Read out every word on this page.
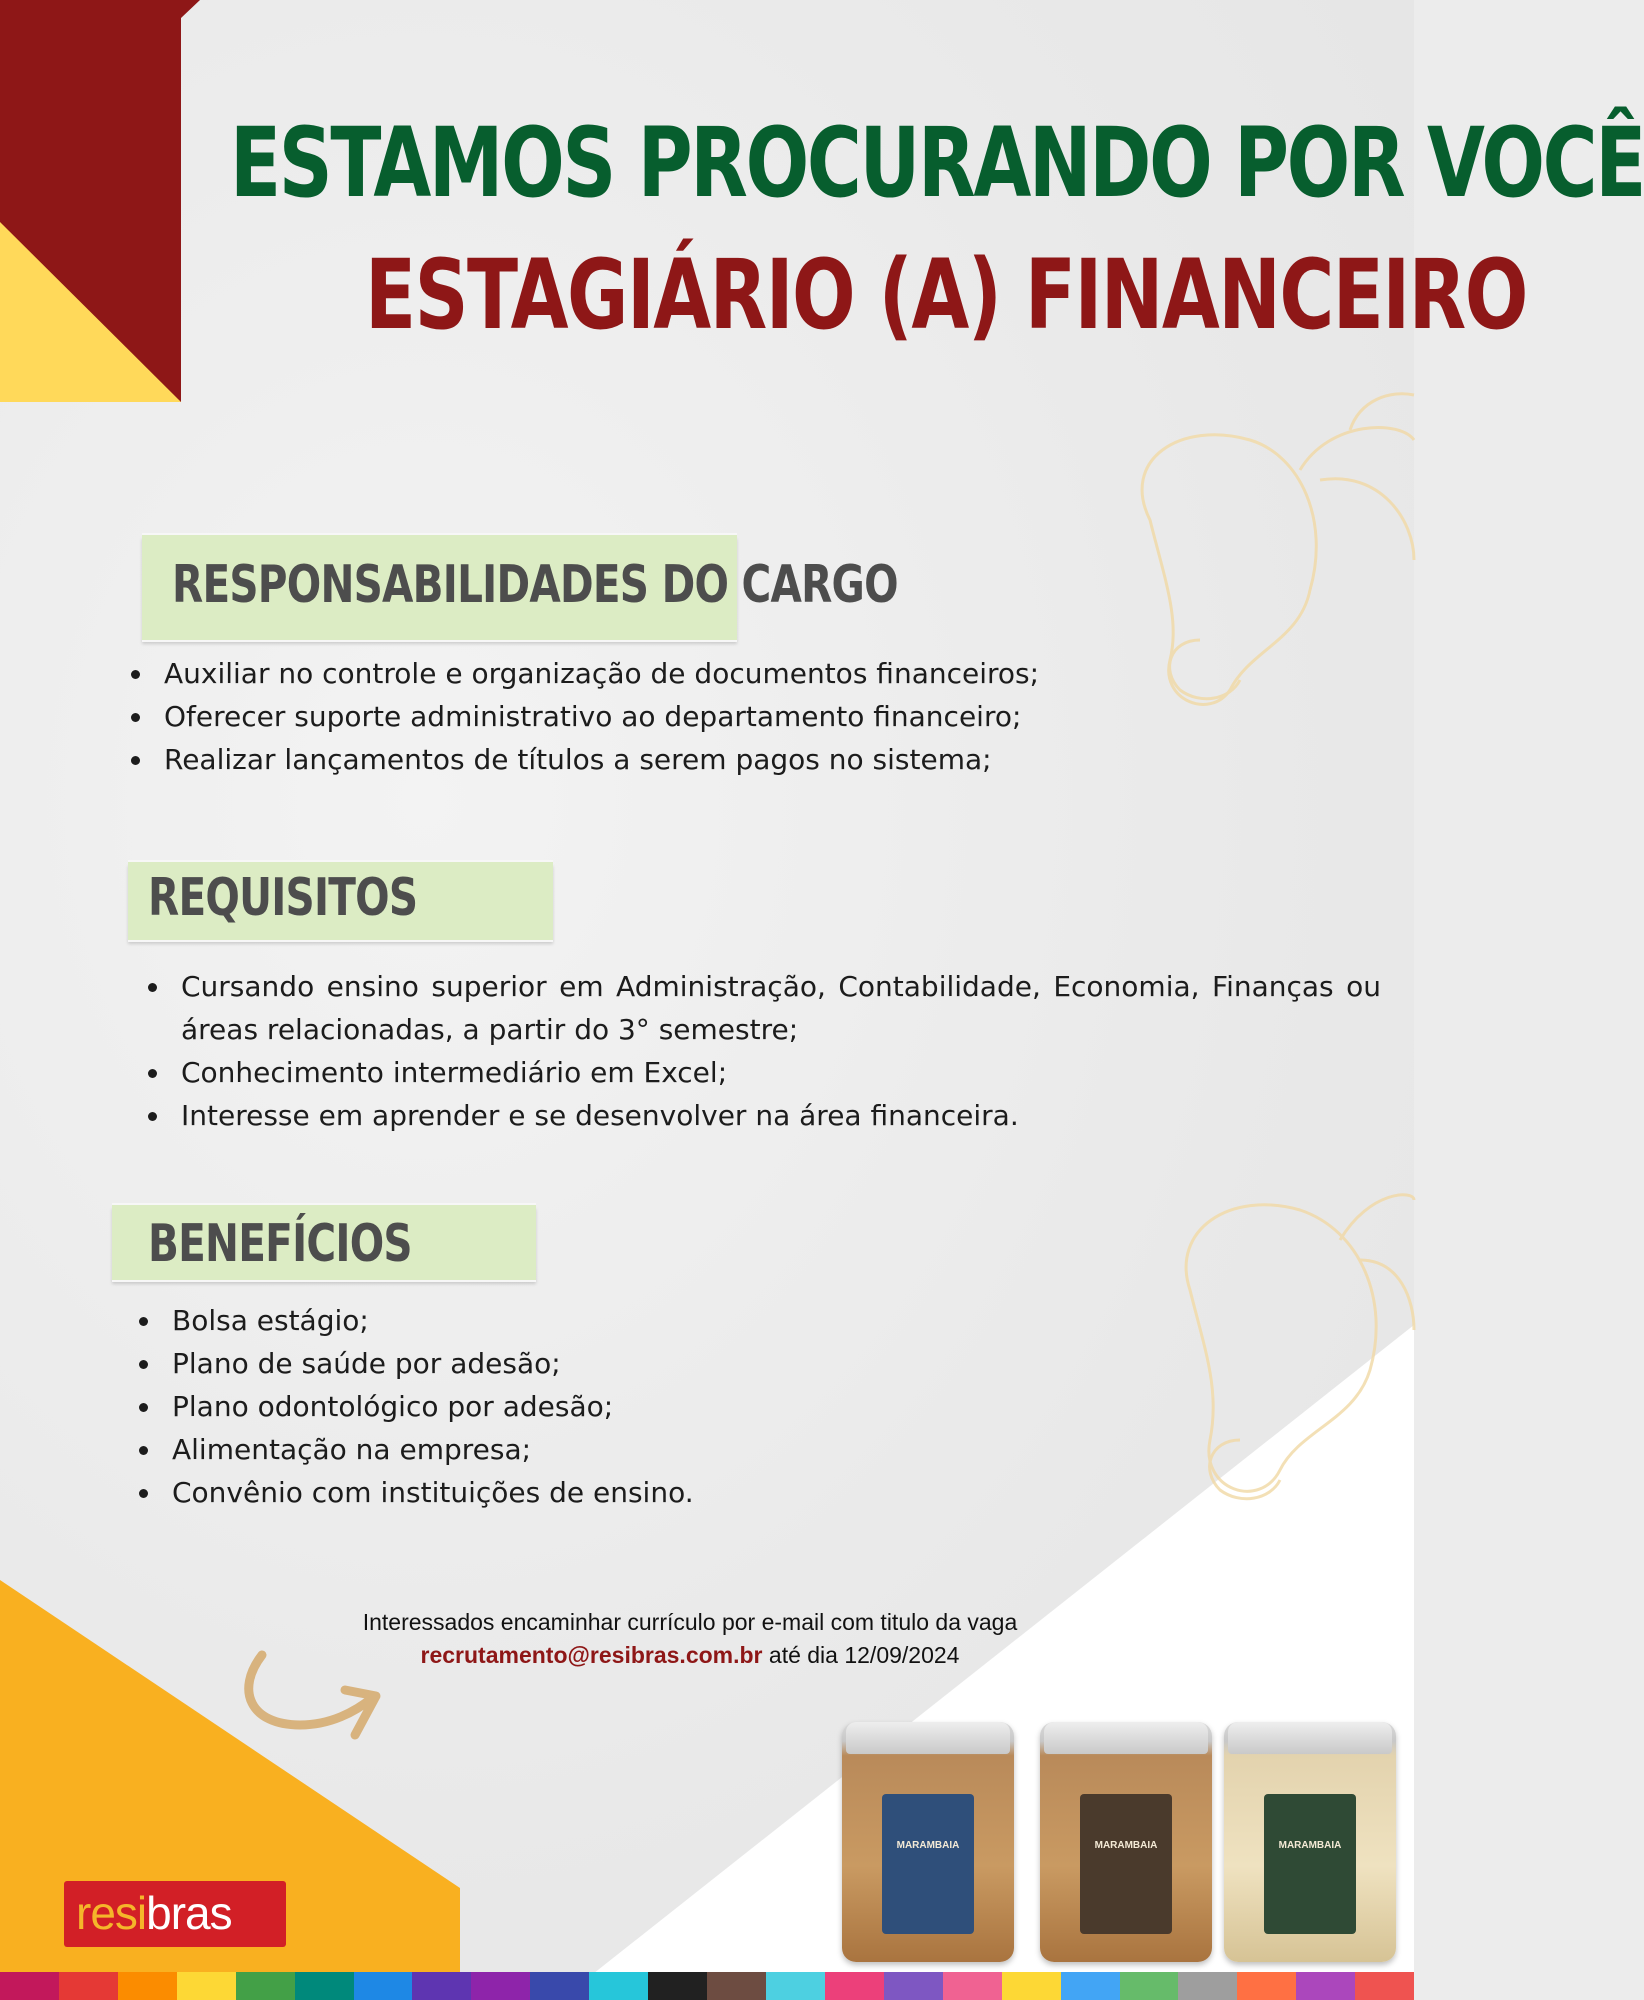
ESTAMOS PROCURANDO POR VOCÊ
ESTAGIÁRIO (A) FINANCEIRO
RESPONSABILIDADES DO CARGO
Auxiliar no controle e organização de documentos financeiros;
Oferecer suporte administrativo ao departamento financeiro;
Realizar lançamentos de títulos a serem pagos no sistema;
REQUISITOS
Cursando ensino superior em Administração, Contabilidade, Economia, Finanças ou áreas relacionadas, a partir do 3° semestre;
Conhecimento intermediário em Excel;
Interesse em aprender e se desenvolver na área financeira.
BENEFÍCIOS
Bolsa estágio;
Plano de saúde por adesão;
Plano odontológico por adesão;
Alimentação na empresa;
Convênio com instituições de ensino.
Interessados encaminhar currículo por e-mail com titulo da vaga
recrutamento@resibras.com.br até dia 12/09/2024
MARAMBAIA	MARAMBAIA	MARAMBAIA
resibras
